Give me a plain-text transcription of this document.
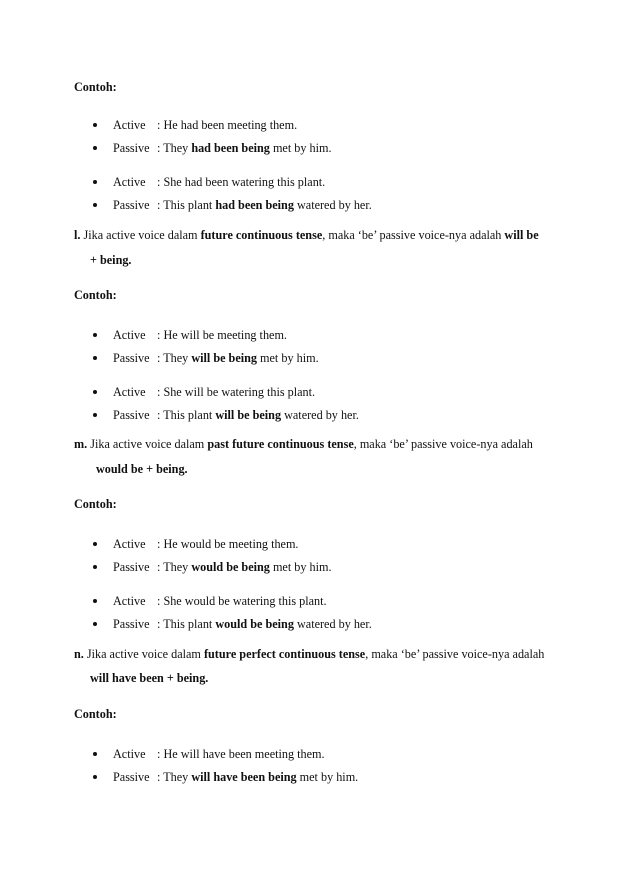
Contoh:
Active : He had been meeting them.
Passive : They had been being met by him.
Active : She had been watering this plant.
Passive : This plant had been being watered by her.
l. Jika active voice dalam future continuous tense, maka ‘be’ passive voice-nya adalah will be
+ being.
Contoh:
Active : He will be meeting them.
Passive : They will be being met by him.
Active : She will be watering this plant.
Passive : This plant will be being watered by her.
m. Jika active voice dalam past future continuous tense, maka ‘be’ passive voice-nya adalah
would be + being.
Contoh:
Active : He would be meeting them.
Passive : They would be being met by him.
Active : She would be watering this plant.
Passive : This plant would be being watered by her.
n. Jika active voice dalam future perfect continuous tense, maka ‘be’ passive voice-nya adalah
will have been + being.
Contoh:
Active : He will have been meeting them.
Passive : They will have been being met by him.
